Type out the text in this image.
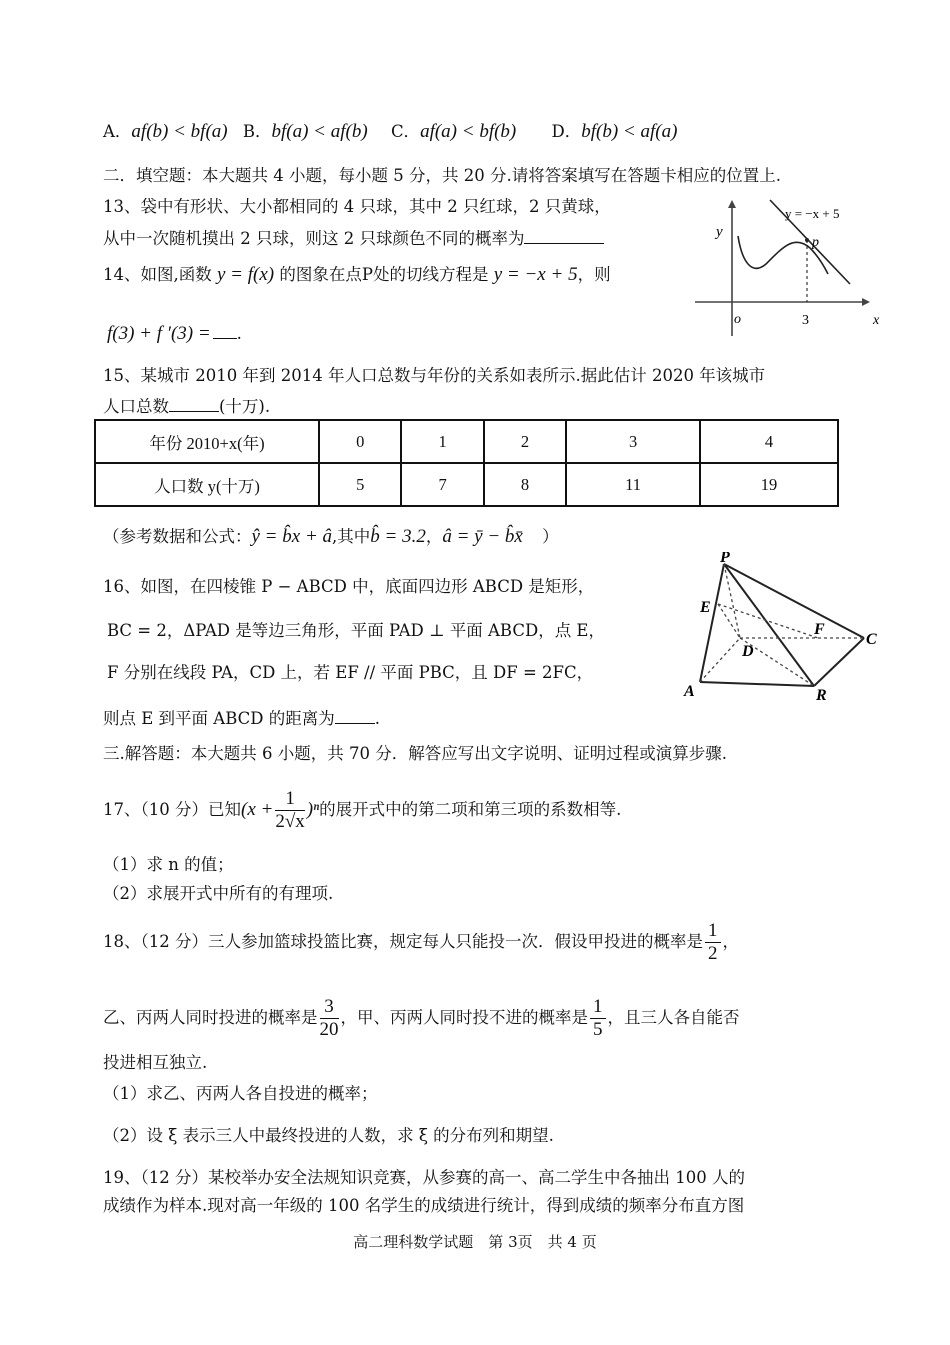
A．af(b) < bf(a) B．bf(a) < af(b) C．af(a) < bf(b) D．bf(b) < af(a)
二．填空题：本大题共 4 小题，每小题 5 分，共 20 分.请将答案填写在答题卡相应的位置上.
13、袋中有形状、大小都相同的 4 只球，其中 2 只红球，2 只黄球，
从中一次随机摸出 2 只球，则这 2 只球颜色不同的概率为
14、如图,函数 y = f(x) 的图象在点P处的切线方程是 y = −x + 5，则
f(3) + f ′(3) = .
y = −x + 5
y
x
o
p
3
15、某城市 2010 年到 2014 年人口总数与年份的关系如表所示.据此估计 2020 年该城市
人口总数	(十万).
年份 2010+x(年)	0	1	2	3	4
人口数 y(十万)	5	7	8	11	19
（参考数据和公式：ŷ = b̂x + â,其中b̂ = 3.2，â = ȳ − b̂x̄ ）
16、如图，在四棱锥 P − ABCD 中，底面四边形 ABCD 是矩形，
BC = 2，ΔPAD 是等边三角形，平面 PAD ⊥ 平面 ABCD，点 E，
F 分别在线段 PA，CD 上，若 EF // 平面 PBC，且 DF = 2FC，
则点 E 到平面 ABCD 的距离为 .
P
E
F
C
D
A	R
三.解答题：本大题共 6 小题，共 70 分．解答应写出文字说明、证明过程或演算步骤.
17、（10 分）已知$(x + \frac{1}{2√x} )^n$的展开式中的第二项和第三项的系数相等.
（1）求 n 的值；
（2）求展开式中所有的有理项.
18、（12 分）三人参加篮球投篮比赛，规定每人只能投一次．假设甲投进的概率是 $\frac{1}{2}$ ，
乙、丙两人同时投进的概率是 $\frac{3}{20}$ ，甲、丙两人同时投不进的概率是 $\frac{1}{5}$ ，且三人各自能否
投进相互独立.
（1）求乙、丙两人各自投进的概率；
（2）设 ξ 表示三人中最终投进的人数，求 ξ 的分布列和期望.
19、（12 分）某校举办安全法规知识竞赛，从参赛的高一、高二学生中各抽出 100 人的
成绩作为样本.现对高一年级的 100 名学生的成绩进行统计，得到成绩的频率分布直方图
高二理科数学试题　第 3页　共 4 页
